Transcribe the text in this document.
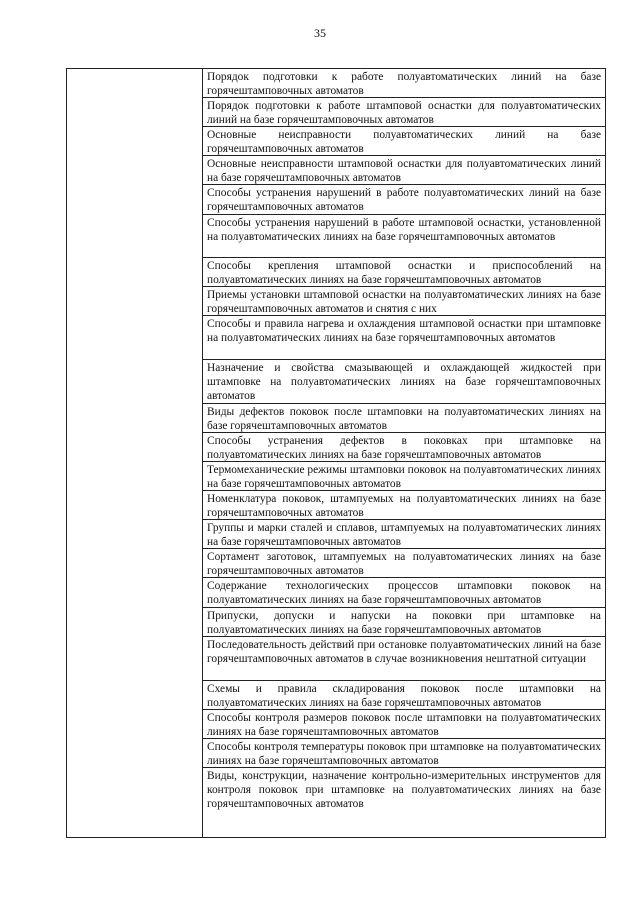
35
Порядок подготовки к работе полуавтоматических линий на базе горячештамповочных автоматов
Порядок подготовки к работе штамповой оснастки для полуавтоматических линий на базе горячештамповочных автоматов
Основные неисправности полуавтоматических линий на базе горячештамповочных автоматов
Основные неисправности штамповой оснастки для полуавтоматических линий на базе горячештамповочных автоматов
Способы устранения нарушений в работе полуавтоматических линий на базе горячештамповочных автоматов
Способы устранения нарушений в работе штамповой оснастки, установленной на полуавтоматических линиях на базе горячештамповочных автоматов
Способы крепления штамповой оснастки и приспособлений на полуавтоматических линиях на базе горячештамповочных автоматов
Приемы установки штамповой оснастки на полуавтоматических линиях на базе горячештамповочных автоматов и снятия с них
Способы и правила нагрева и охлаждения штамповой оснастки при штамповке на полуавтоматических линиях на базе горячештамповочных автоматов
Назначение и свойства смазывающей и охлаждающей жидкостей при штамповке на полуавтоматических линиях на базе горячештамповочных автоматов
Виды дефектов поковок после штамповки на полуавтоматических линиях на базе горячештамповочных автоматов
Способы устранения дефектов в поковках при штамповке на полуавтоматических линиях на базе горячештамповочных автоматов
Термомеханические режимы штамповки поковок на полуавтоматических линиях на базе горячештамповочных автоматов
Номенклатура поковок, штампуемых на полуавтоматических линиях на базе горячештамповочных автоматов
Группы и марки сталей и сплавов, штампуемых на полуавтоматических линиях на базе горячештамповочных автоматов
Сортамент заготовок, штампуемых на полуавтоматических линиях на базе горячештамповочных автоматов
Содержание технологических процессов штамповки поковок на полуавтоматических линиях на базе горячештамповочных автоматов
Припуски, допуски и напуски на поковки при штамповке на полуавтоматических линиях на базе горячештамповочных автоматов
Последовательность действий при остановке полуавтоматических линий на базе горячештамповочных автоматов в случае возникновения нештатной ситуации
Схемы и правила складирования поковок после штамповки на полуавтоматических линиях на базе горячештамповочных автоматов
Способы контроля размеров поковок после штамповки на полуавтоматических линиях на базе горячештамповочных автоматов
Способы контроля температуры поковок при штамповке на полуавтоматических линиях на базе горячештамповочных автоматов
Виды, конструкции, назначение контрольно-измерительных инструментов для контроля поковок при штамповке на полуавтоматических линиях на базе горячештамповочных автоматов
